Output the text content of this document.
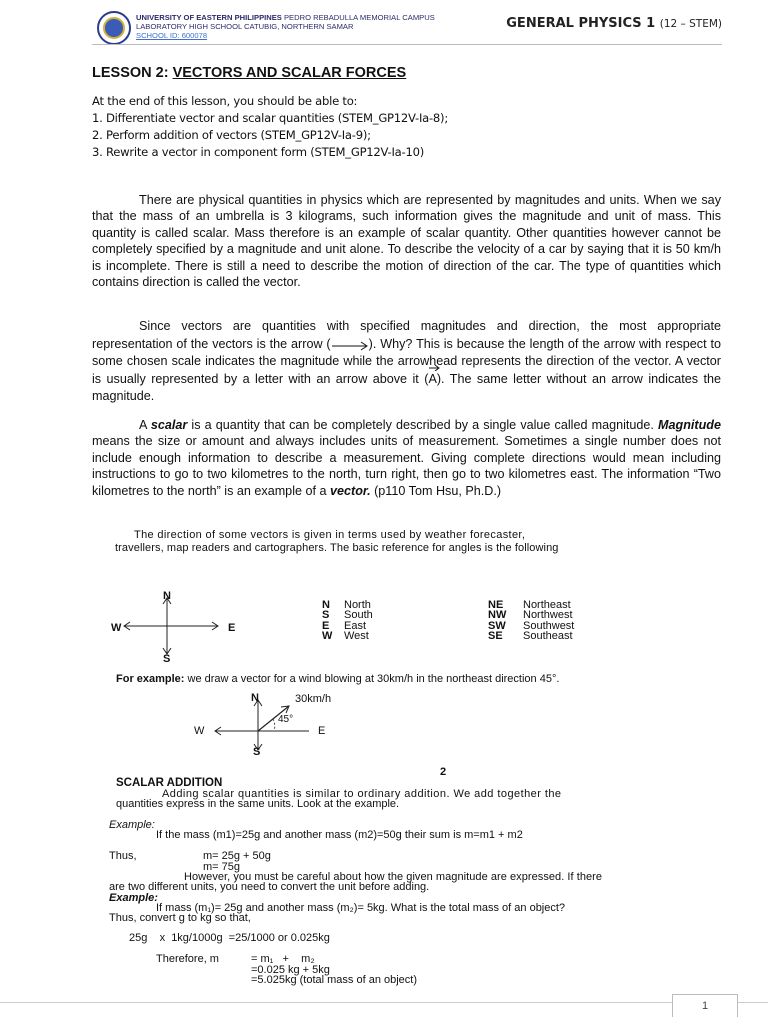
UNIVERSITY OF EASTERN PHILIPPINES PEDRO REBADULLA MEMORIAL CAMPUS
LABORATORY HIGH SCHOOL CATUBIG, NORTHERN SAMAR
SCHOOL ID: 600078
GENERAL PHYSICS 1 (12 – STEM)
LESSON 2: VECTORS AND SCALAR FORCES
At the end of this lesson, you should be able to:
1. Differentiate vector and scalar quantities (STEM_GP12V-Ia-8);
2. Perform addition of vectors (STEM_GP12V-Ia-9);
3. Rewrite a vector in component form (STEM_GP12V-Ia-10)
There are physical quantities in physics which are represented by magnitudes and units. When we say that the mass of an umbrella is 3 kilograms, such information gives the magnitude and unit of mass. This quantity is called scalar. Mass therefore is an example of scalar quantity. Other quantities however cannot be completely specified by a magnitude and unit alone. To describe the velocity of a car by saying that it is 50 km/h is incomplete. There is still a need to describe the motion of direction of the car. The type of quantities which contains direction is called the vector.
Since vectors are quantities with specified magnitudes and direction, the most appropriate representation of the vectors is the arrow (	). Why? This is because the length of the arrow with respect to some chosen scale indicates the magnitude while the arrowhead represents the direction of the vector. A vector is usually represented by a letter with an arrow above it (
A). The same letter without an arrow indicates the magnitude.
A scalar is a quantity that can be completely described by a single value called magnitude. Magnitude means the size or amount and always includes units of measurement. Sometimes a single number does not include enough information to describe a measurement. Giving complete directions would mean including instructions to go to two kilometres to the north, turn right, then go to two kilometres east. The information “Two kilometres to the north” is an example of a vector. (p110 Tom Hsu, Ph.D.)
The direction of some vectors is given in terms used by weather forecaster,
travellers, map readers and cartographers. The basic reference for angles is the following
N
S
E
W
N North
S South
E East
W West
NE Northeast
NW Northwest
SW Southwest
SE Southeast
For example: we draw a vector for a wind blowing at 30km/h in the northeast direction 45°.
N	30km/h
45°
E
W
S
2
SCALAR ADDITION
Adding scalar quantities is similar to ordinary addition. We add together the
quantities express in the same units. Look at the example.
Example:
If the mass (m1)=25g and another mass (m2)=50g their sum is m=m1 + m2
Thus,	m= 25g + 50g
m= 75g
However, you must be careful about how the given magnitude are expressed. If there
are two different units, you need to convert the unit before adding.
Example:
If mass (m₁)= 25g and another mass (m₂)= 5kg. What is the total mass of an object?
Thus, convert g to kg so that,
25g    x  1kg/1000g  =25/1000 or 0.025kg
Therefore, m	= m₁   +    m₂
=0.025 kg + 5kg
=5.025kg (total mass of an object)
1
